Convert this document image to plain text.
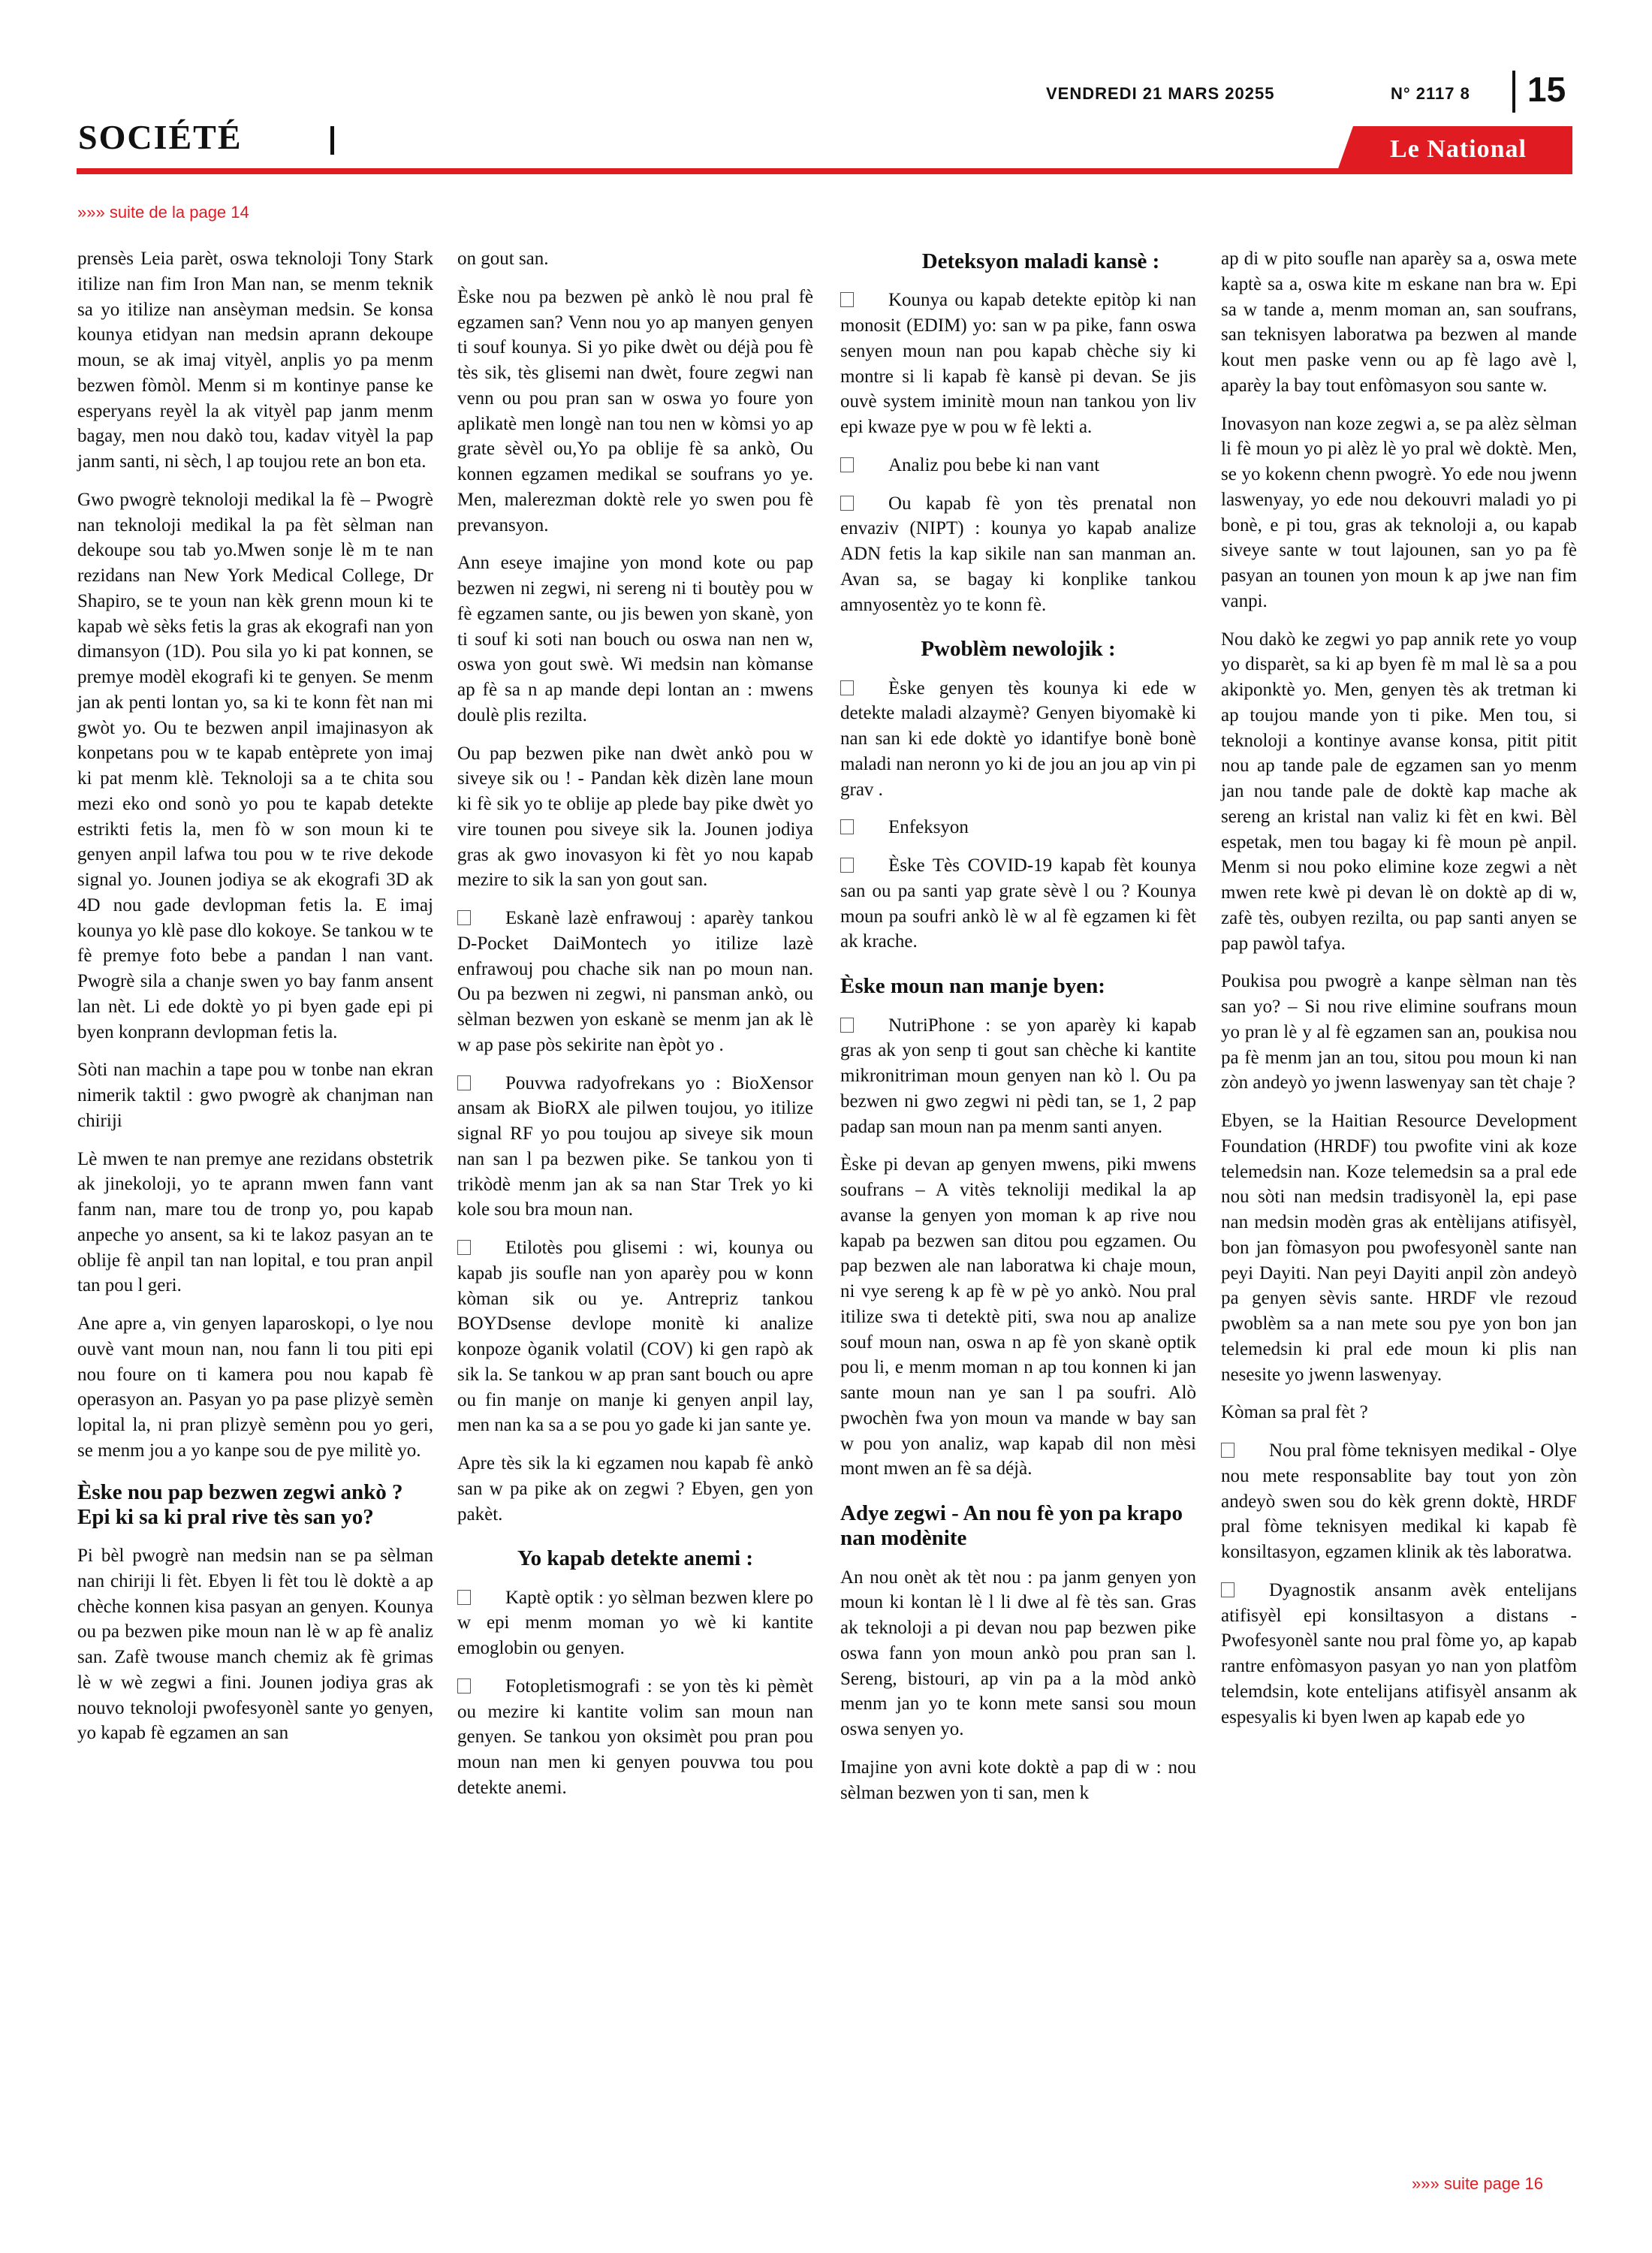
VENDREDI 21 MARS 20255	N° 2117 8 15
SOCIÉTÉ	Le National
»»» suite de la page 14

prensès Leia parèt, oswa teknoloji Tony Stark itilize nan fim Iron Man nan, se menm teknik sa yo itilize nan ansèyman medsin. Se konsa kounya etidyan nan medsin aprann dekoupe moun, se ak imaj vityèl, anplis yo pa menm bezwen fòmòl. Menm si m kontinye panse ke esperyans reyèl la ak vityèl pap janm menm bagay, men nou dakò tou, kadav vityèl la pap janm santi, ni sèch, l ap toujou rete an bon eta.

Gwo pwogrè teknoloji medikal la fè – Pwogrè nan teknoloji medikal la pa fèt sèlman nan dekoupe sou tab yo.Mwen sonje lè m te nan rezidans nan New York Medical College, Dr Shapiro, se te youn nan kèk grenn moun ki te kapab wè sèks fetis la gras ak ekografi nan yon dimansyon (1D). Pou sila yo ki pat konnen, se premye modèl ekografi ki te genyen. Se menm jan ak penti lontan yo, sa ki te konn fèt nan mi gwòt yo. Ou te bezwen anpil imajinasyon ak konpetans pou w te kapab entèprete yon imaj ki pat menm klè. Teknoloji sa a te chita sou mezi eko ond sonò yo pou te kapab detekte estrikti fetis la, men fò w son moun ki te genyen anpil lafwa tou pou w te rive dekode signal yo. Jounen jodiya se ak ekografi 3D ak 4D nou gade devlopman fetis la. E imaj kounya yo klè pase dlo kokoye. Se tankou w te fè premye foto bebe a pandan l nan vant. Pwogrè sila a chanje swen yo bay fanm ansent lan nèt. Li ede doktè yo pi byen gade epi pi byen konprann devlopman fetis la.

Sòti nan machin a tape pou w tonbe nan ekran nimerik taktil : gwo pwogrè ak chanjman nan chiriji

Lè mwen te nan premye ane rezidans obstetrik ak jinekoloji, yo te aprann mwen fann vant fanm nan, mare tou de tronp yo, pou kapab anpeche yo ansent, sa ki te lakoz pasyan an te oblije fè anpil tan nan lopital, e tou pran anpil tan pou l geri.

Ane apre a, vin genyen laparoskopi, o lye nou ouvè vant moun nan, nou fann li tou piti epi nou foure on ti kamera pou nou kapab fè operasyon an. Pasyan yo pa pase plizyè semèn lopital la, ni pran plizyè semènn pou yo geri, se menm jou a yo kanpe sou de pye militè yo.

Èske nou pap bezwen zegwi ankò ? Epi ki sa ki pral rive tès san yo?

Pi bèl pwogrè nan medsin nan se pa sèlman nan chiriji li fèt. Ebyen li fèt tou lè doktè a ap chèche konnen kisa pasyan an genyen. Kounya ou pa bezwen pike moun nan lè w ap fè analiz san. Zafè twouse manch chemiz ak fè grimas lè w wè zegwi a fini. Jounen jodiya gras ak nouvo teknoloji pwofesyonèl sante yo genyen, yo kapab fè egzamen an san

on gout san.

Èske nou pa bezwen pè ankò lè nou pral fè egzamen san? Venn nou yo ap manyen genyen ti souf kounya. Si yo pike dwèt ou déjà pou fè tès sik, tès glisemi nan dwèt, foure zegwi nan venn ou pou pran san w oswa yo foure yon aplikatè men longè nan tou nen w kòmsi yo ap grate sèvèl ou,Yo pa oblije fè sa ankò, Ou konnen egzamen medikal se soufrans yo ye. Men, malerezman doktè rele yo swen pou fè prevansyon.

Ann eseye imajine yon mond kote ou pap bezwen ni zegwi, ni sereng ni ti boutèy pou w fè egzamen sante, ou jis bewen yon skanè, yon ti souf ki soti nan bouch ou oswa nan nen w, oswa yon gout swè. Wi medsin nan kòmanse ap fè sa n ap mande depi lontan an : mwens doulè plis rezilta.

Ou pap bezwen pike nan dwèt ankò pou w siveye sik ou ! - Pandan kèk dizèn lane moun ki fè sik yo te oblije ap plede bay pike dwèt yo vire tounen pou siveye sik la. Jounen jodiya gras ak gwo inovasyon ki fèt yo nou kapab mezire to sik la san yon gout san.

Eskanè lazè enfrawouj : aparèy tankou D-Pocket DaiMontech yo itilize lazè enfrawouj pou chache sik nan po moun nan. Ou pa bezwen ni zegwi, ni pansman ankò, ou sèlman bezwen yon eskanè se menm jan ak lè w ap pase pòs sekirite nan èpòt yo .

Pouvwa radyofrekans yo : BioXensor ansam ak BioRX ale pilwen toujou, yo itilize signal RF yo pou toujou ap siveye sik moun nan san l pa bezwen pike. Se tankou yon ti trikòdè menm jan ak sa nan Star Trek yo ki kole sou bra moun nan.

Etilotès pou glisemi : wi, kounya ou kapab jis soufle nan yon aparèy pou w konn kòman sik ou ye. Antrepriz tankou BOYDsense devlope monitè ki analize konpoze òganik volatil (COV) ki gen rapò ak sik la. Se tankou w ap pran sant bouch ou apre ou fin manje on manje ki genyen anpil lay, men nan ka sa a se pou yo gade ki jan sante ye.

Apre tès sik la ki egzamen nou kapab fè ankò san w pa pike ak on zegwi ? Ebyen, gen yon pakèt.

Yo kapab detekte anemi :

Kaptè optik : yo sèlman bezwen klere po w epi menm moman yo wè ki kantite emoglobin ou genyen.

Fotopletismografi : se yon tès ki pèmèt ou mezire ki kantite volim san moun nan genyen. Se tankou yon oksimèt pou pran pou moun nan men ki genyen pouvwa tou pou detekte anemi.

Deteksyon maladi kansè :

Kounya ou kapab detekte epitòp ki nan monosit (EDIM) yo: san w pa pike, fann oswa senyen moun nan pou kapab chèche siy ki montre si li kapab fè kansè pi devan. Se jis ouvè system iminitè moun nan tankou yon liv epi kwaze pye w pou w fè lekti a.

Analiz pou bebe ki nan vant

Ou kapab fè yon tès prenatal non envaziv (NIPT) : kounya yo kapab analize ADN fetis la kap sikile nan san manman an. Avan sa, se bagay ki konplike tankou amnyosentèz yo te konn fè.

Pwoblèm newolojik :

Èske genyen tès kounya ki ede w detekte maladi alzaymè? Genyen biyomakè ki nan san ki ede doktè yo idantifye bonè bonè maladi nan neronn yo ki de jou an jou ap vin pi grav .

Enfeksyon

Èske Tès COVID-19 kapab fèt kounya san ou pa santi yap grate sèvè l ou ? Kounya moun pa soufri ankò lè w al fè egzamen ki fèt ak krache.

Èske moun nan manje byen:

NutriPhone : se yon aparèy ki kapab gras ak yon senp ti gout san chèche ki kantite mikronitriman moun genyen nan kò l. Ou pa bezwen ni gwo zegwi ni pèdi tan, se 1, 2 pap padap san moun nan pa menm santi anyen.

Èske pi devan ap genyen mwens, piki mwens soufrans – A vitès teknoliji medikal la ap avanse la genyen yon moman k ap rive nou kapab pa bezwen san ditou pou egzamen. Ou pap bezwen ale nan laboratwa ki chaje moun, ni vye sereng k ap fè w pè yo ankò. Nou pral itilize swa ti detektè piti, swa nou ap analize souf moun nan, oswa n ap fè yon skanè optik pou li, e menm moman n ap tou konnen ki jan sante moun nan ye san l pa soufri. Alò pwochèn fwa yon moun va mande w bay san w pou yon analiz, wap kapab dil non mèsi mont mwen an fè sa déjà.

Adye zegwi - An nou fè yon pa krapo nan modènite

An nou onèt ak tèt nou : pa janm genyen yon moun ki kontan lè l li dwe al fè tès san. Gras ak teknoloji a pi devan nou pap bezwen pike oswa fann yon moun ankò pou pran san l. Sereng, bistouri, ap vin pa a la mòd ankò menm jan yo te konn mete sansi sou moun oswa senyen yo.

Imajine yon avni kote doktè a pap di w : nou sèlman bezwen yon ti san, men k

ap di w pito soufle nan aparèy sa a, oswa mete kaptè sa a, oswa kite m eskane nan bra w. Epi sa w tande a, menm moman an, san soufrans, san teknisyen laboratwa pa bezwen al mande kout men paske venn ou ap fè lago avè l, aparèy la bay tout enfòmasyon sou sante w.

Inovasyon nan koze zegwi a, se pa alèz sèlman li fè moun yo pi alèz lè yo pral wè doktè. Men, se yo kokenn chenn pwogrè. Yo ede nou jwenn laswenyay, yo ede nou dekouvri maladi yo pi bonè, e pi tou, gras ak teknoloji a, ou kapab siveye sante w tout lajounen, san yo pa fè pasyan an tounen yon moun k ap jwe nan fim vanpi.

Nou dakò ke zegwi yo pap annik rete yo voup yo disparèt, sa ki ap byen fè m mal lè sa a pou akiponktè yo. Men, genyen tès ak tretman ki ap toujou mande yon ti pike. Men tou, si teknoloji a kontinye avanse konsa, pitit pitit nou ap tande pale de egzamen san yo menm jan nou tande pale de doktè kap mache ak sereng an kristal nan valiz ki fèt en kwi. Bèl espetak, men tou bagay ki fè moun pè anpil. Menm si nou poko elimine koze zegwi a nèt mwen rete kwè pi devan lè on doktè ap di w, zafè tès, oubyen rezilta, ou pap santi anyen se pap pawòl tafya.

Poukisa pou pwogrè a kanpe sèlman nan tès san yo? – Si nou rive elimine soufrans moun yo pran lè y al fè egzamen san an, poukisa nou pa fè menm jan an tou, sitou pou moun ki nan zòn andeyò yo jwenn laswenyay san tèt chaje ?

Ebyen, se la Haitian Resource Development Foundation (HRDF) tou pwofite vini ak koze telemedsin nan. Koze telemedsin sa a pral ede nou sòti nan medsin tradisyonèl la, epi pase nan medsin modèn gras ak entèlijans atifisyèl, bon jan fòmasyon pou pwofesyonèl sante nan peyi Dayiti. Nan peyi Dayiti anpil zòn andeyò pa genyen sèvis sante. HRDF vle rezoud pwoblèm sa a nan mete sou pye yon bon jan telemedsin ki pral ede moun ki plis nan nesesite yo jwenn laswenyay.

Kòman sa pral fèt ?

Nou pral fòme teknisyen medikal - Olye nou mete responsablite bay tout yon zòn andeyò swen sou do kèk grenn doktè, HRDF pral fòme teknisyen medikal ki kapab fè konsiltasyon, egzamen klinik ak tès laboratwa.

Dyagnostik ansanm avèk entelijans atifisyèl epi konsiltasyon a distans - Pwofesyonèl sante nou pral fòme yo, ap kapab rantre enfòmasyon pasyan yo nan yon platfòm telemdsin, kote entelijans atifisyèl ansanm ak espesyalis ki byen lwen ap kapab ede yo

»»» suite page 16
